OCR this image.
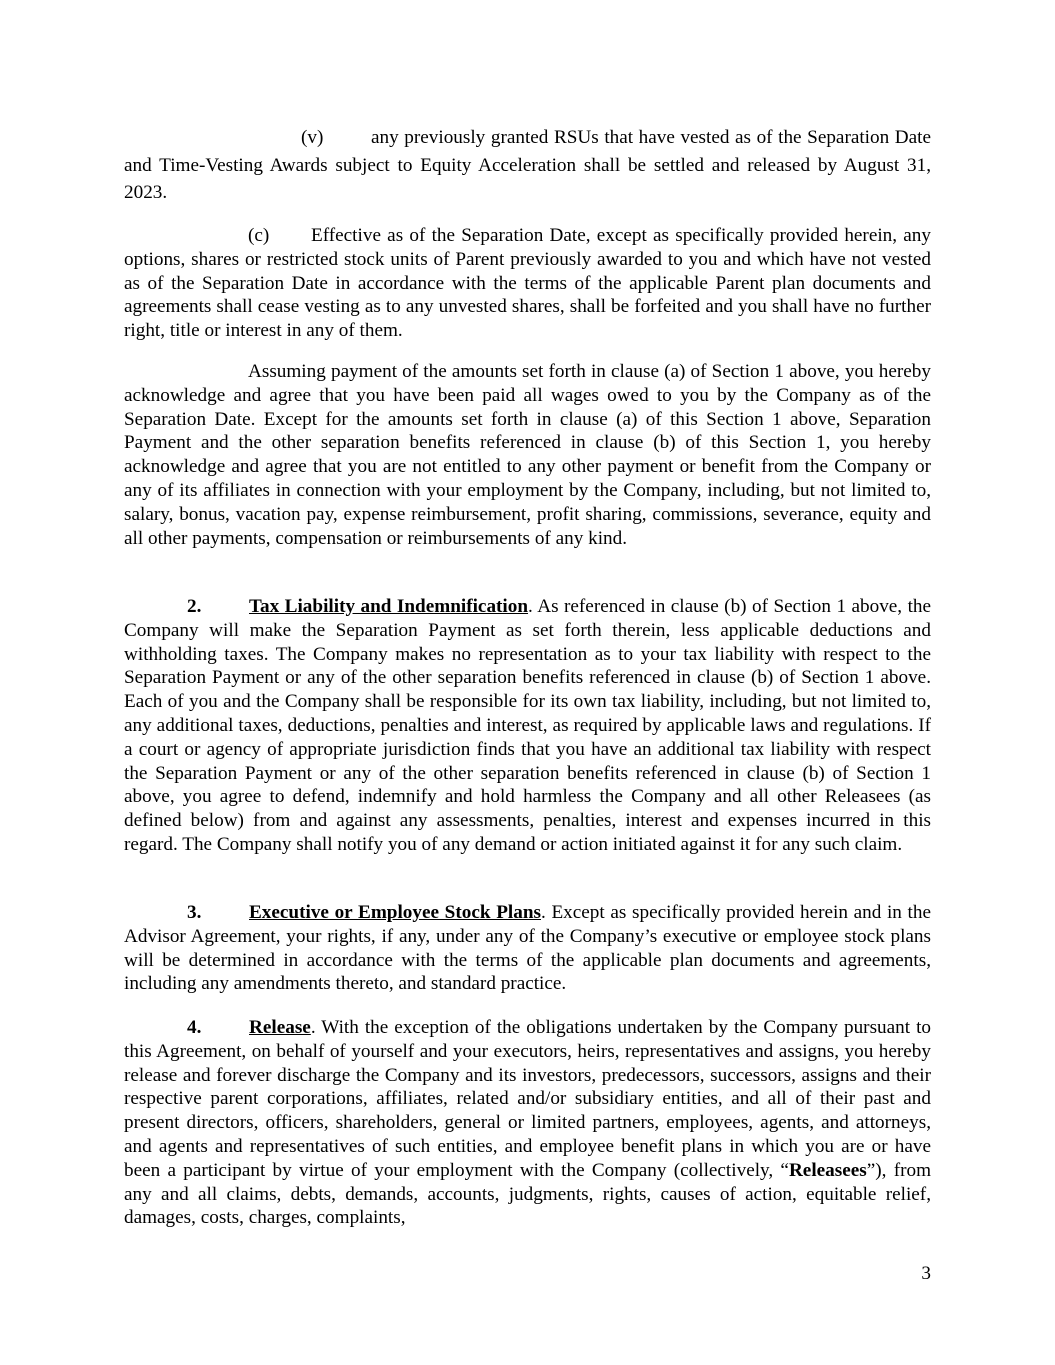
(v) any previously granted RSUs that have vested as of the Separation Date and Time-Vesting Awards subject to Equity Acceleration shall be settled and released by August 31, 2023.

(c) Effective as of the Separation Date, except as specifically provided herein, any options, shares or restricted stock units of Parent previously awarded to you and which have not vested as of the Separation Date in accordance with the terms of the applicable Parent plan documents and agreements shall cease vesting as to any unvested shares, shall be forfeited and you shall have no further right, title or interest in any of them.

Assuming payment of the amounts set forth in clause (a) of Section 1 above, you hereby acknowledge and agree that you have been paid all wages owed to you by the Company as of the Separation Date. Except for the amounts set forth in clause (a) of this Section 1 above, Separation Payment and the other separation benefits referenced in clause (b) of this Section 1, you hereby acknowledge and agree that you are not entitled to any other payment or benefit from the Company or any of its affiliates in connection with your employment by the Company, including, but not limited to, salary, bonus, vacation pay, expense reimbursement, profit sharing, commissions, severance, equity and all other payments, compensation or reimbursements of any kind.

2. Tax Liability and Indemnification. As referenced in clause (b) of Section 1 above, the Company will make the Separation Payment as set forth therein, less applicable deductions and withholding taxes. The Company makes no representation as to your tax liability with respect to the Separation Payment or any of the other separation benefits referenced in clause (b) of Section 1 above. Each of you and the Company shall be responsible for its own tax liability, including, but not limited to, any additional taxes, deductions, penalties and interest, as required by applicable laws and regulations. If a court or agency of appropriate jurisdiction finds that you have an additional tax liability with respect the Separation Payment or any of the other separation benefits referenced in clause (b) of Section 1 above, you agree to defend, indemnify and hold harmless the Company and all other Releasees (as defined below) from and against any assessments, penalties, interest and expenses incurred in this regard. The Company shall notify you of any demand or action initiated against it for any such claim.

3. Executive or Employee Stock Plans. Except as specifically provided herein and in the Advisor Agreement, your rights, if any, under any of the Company’s executive or employee stock plans will be determined in accordance with the terms of the applicable plan documents and agreements, including any amendments thereto, and standard practice.

4. Release. With the exception of the obligations undertaken by the Company pursuant to this Agreement, on behalf of yourself and your executors, heirs, representatives and assigns, you hereby release and forever discharge the Company and its investors, predecessors, successors, assigns and their respective parent corporations, affiliates, related and/or subsidiary entities, and all of their past and present directors, officers, shareholders, general or limited partners, employees, agents, and attorneys, and agents and representatives of such entities, and employee benefit plans in which you are or have been a participant by virtue of your employment with the Company (collectively, “Releasees”), from any and all claims, debts, demands, accounts, judgments, rights, causes of action, equitable relief, damages, costs, charges, complaints,

3
